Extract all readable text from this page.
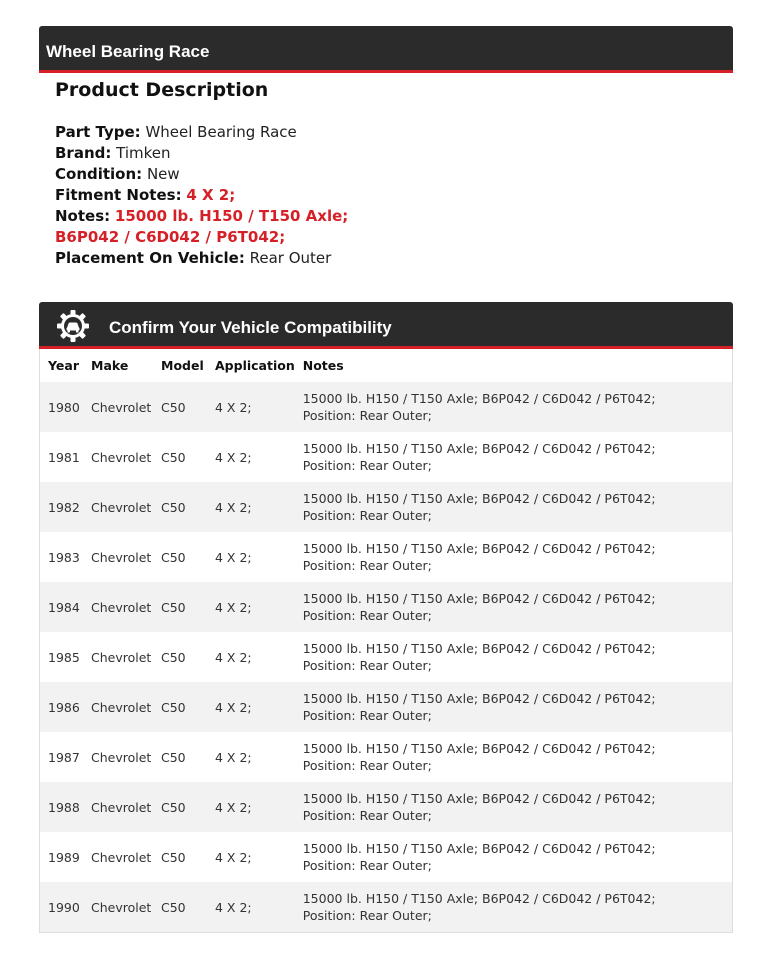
Wheel Bearing Race
Product Description
Part Type: Wheel Bearing Race
Brand: Timken
Condition: New
Fitment Notes: 4 X 2;
Notes: 15000 lb. H150 / T150 Axle;
B6P042 / C6D042 / P6T042;
Placement On Vehicle: Rear Outer
Confirm Your Vehicle Compatibility
Year	Make	Model	Application	Notes
1980	Chevrolet	C50	4 X 2;	15000 lb. H150 / T150 Axle; B6P042 / C6D042 / P6T042; Position: Rear Outer;
1981	Chevrolet	C50	4 X 2;	15000 lb. H150 / T150 Axle; B6P042 / C6D042 / P6T042; Position: Rear Outer;
1982	Chevrolet	C50	4 X 2;	15000 lb. H150 / T150 Axle; B6P042 / C6D042 / P6T042; Position: Rear Outer;
1983	Chevrolet	C50	4 X 2;	15000 lb. H150 / T150 Axle; B6P042 / C6D042 / P6T042; Position: Rear Outer;
1984	Chevrolet	C50	4 X 2;	15000 lb. H150 / T150 Axle; B6P042 / C6D042 / P6T042; Position: Rear Outer;
1985	Chevrolet	C50	4 X 2;	15000 lb. H150 / T150 Axle; B6P042 / C6D042 / P6T042; Position: Rear Outer;
1986	Chevrolet	C50	4 X 2;	15000 lb. H150 / T150 Axle; B6P042 / C6D042 / P6T042; Position: Rear Outer;
1987	Chevrolet	C50	4 X 2;	15000 lb. H150 / T150 Axle; B6P042 / C6D042 / P6T042; Position: Rear Outer;
1988	Chevrolet	C50	4 X 2;	15000 lb. H150 / T150 Axle; B6P042 / C6D042 / P6T042; Position: Rear Outer;
1989	Chevrolet	C50	4 X 2;	15000 lb. H150 / T150 Axle; B6P042 / C6D042 / P6T042; Position: Rear Outer;
1990	Chevrolet	C50	4 X 2;	15000 lb. H150 / T150 Axle; B6P042 / C6D042 / P6T042; Position: Rear Outer;
